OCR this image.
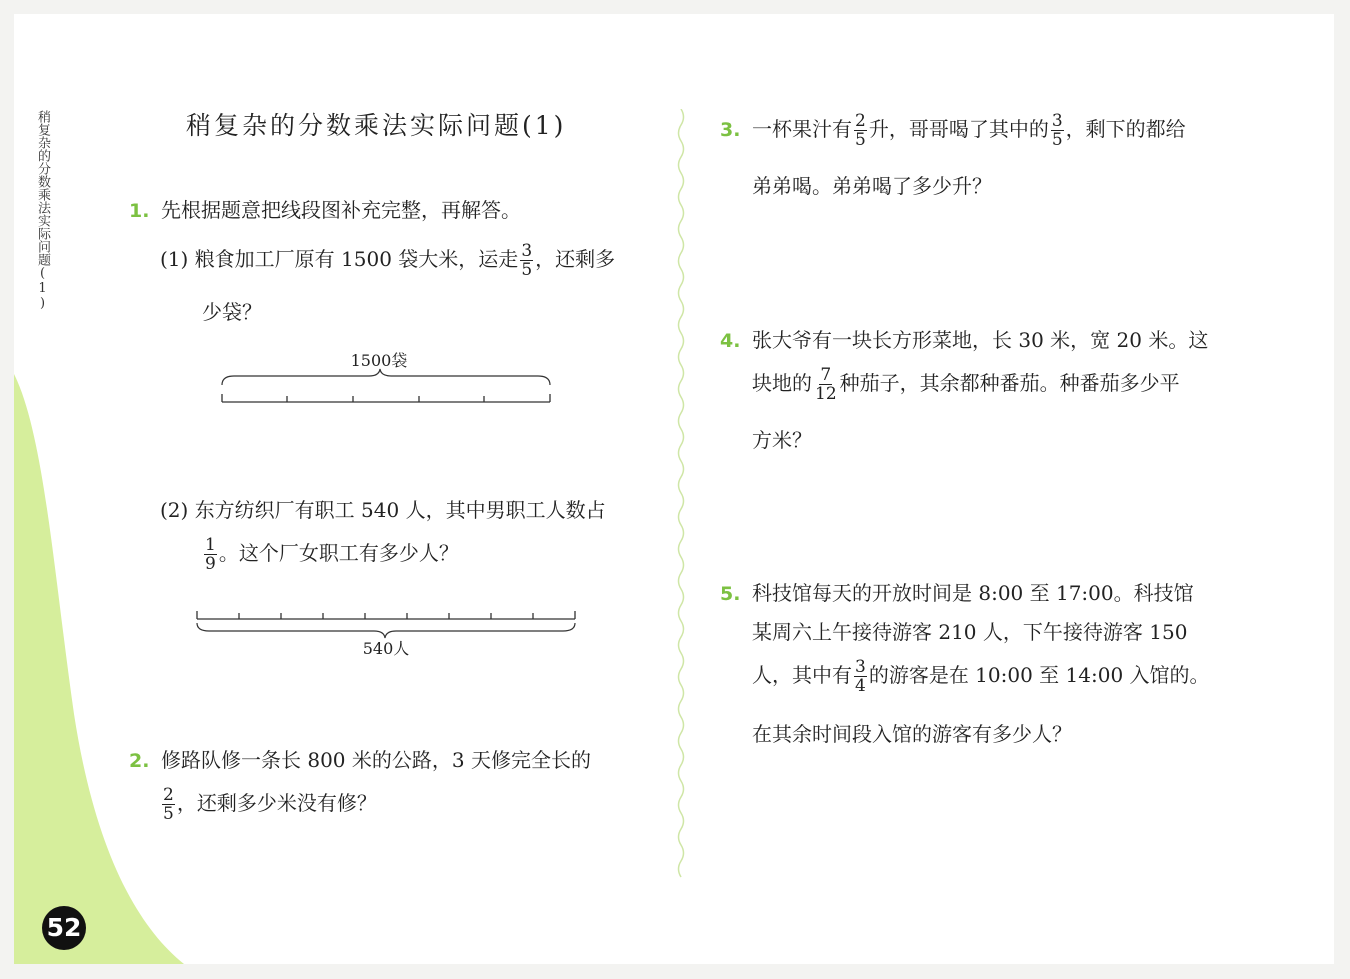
稍复杂的分数乘法实际问题(1)
52
稍复杂的分数乘法实际问题(1)
1. 先根据题意把线段图补充完整，再解答。
(1) 粮食加工厂原有 1500 袋大米，运走 $\frac{3}{5}$ ，还剩多
少袋？
1500袋
(2) 东方纺织厂有职工 540 人，其中男职工人数占
$\frac{1}{9}$ 。这个厂女职工有多少人？
540人
2. 修路队修一条长 800 米的公路，3 天修完全长的
$\frac{2}{5}$ ，还剩多少米没有修？
3. 一杯果汁有 $\frac{2}{5}$ 升，哥哥喝了其中的 $\frac{3}{5}$ ，剩下的都给
弟弟喝。弟弟喝了多少升？
4. 张大爷有一块长方形菜地，长 30 米，宽 20 米。这
块地的 $\frac{7}{12}$ 种茄子，其余都种番茄。种番茄多少平
方米？
5. 科技馆每天的开放时间是 8:00 至 17:00。科技馆
某周六上午接待游客 210 人，下午接待游客 150
人，其中有 $\frac{3}{4}$ 的游客是在 10:00 至 14:00 入馆的。
在其余时间段入馆的游客有多少人？
